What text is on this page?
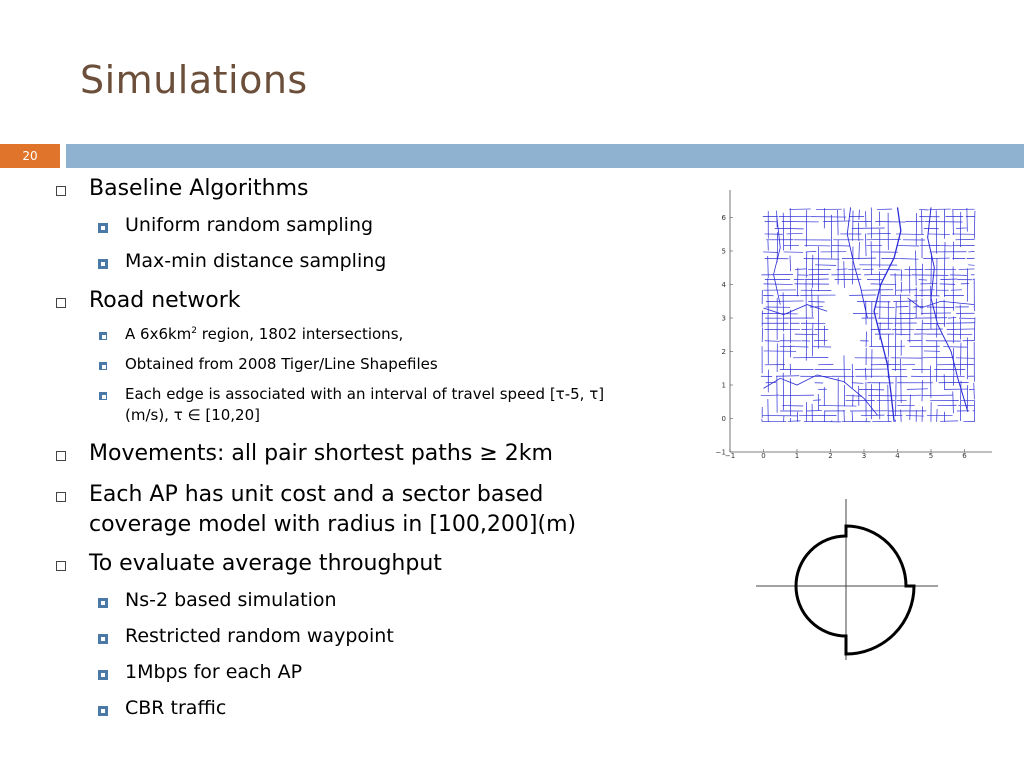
Simulations
20
Baseline Algorithms
Uniform random sampling
Max-min distance sampling
Road network
A $6x6km^2$ region, 1802 intersections,
Obtained from 2008 Tiger/Line Shapefiles
Each edge is associated with an interval of travel speed [τ-5, τ]
(m/s), τ ∈ [10,20]
Movements: all pair shortest paths ≥ 2km
Each AP has unit cost and a sector based
coverage model with radius in [100,200](m)
To evaluate average throughput
Ns-2 based simulation
Restricted random waypoint
1Mbps for each AP
CBR traffic
−1	0	1	2	3	4	5	6
−1
0
1
2
3
4
5
6
